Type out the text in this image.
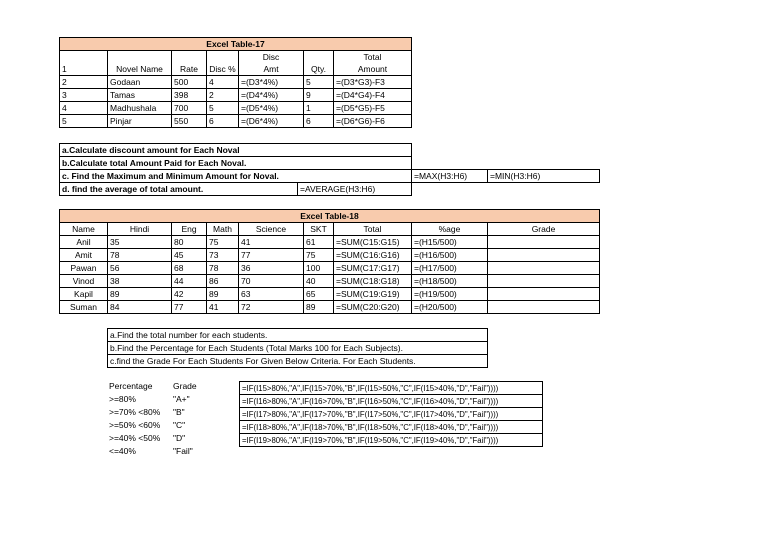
Excel Table-17						
1	Novel Name	Rate	Disc %	Disc
Amt	Qty.	Total
Amount
2	Godaan	500	4	=(D3*4%)	5	=(D3*G3)-F3
3	Tamas	398	2	=(D4*4%)	9	=(D4*G4)-F4
4	Madhushala	700	5	=(D5*4%)	1	=(D5*G5)-F5
5	Pinjar	550	6	=(D6*4%)	6	=(D6*G6)-F6
a.Calculate discount amount for Each Noval			
b.Calculate total Amount Paid for Each Noval.			
c. Find the Maximum and Minimum Amount for Noval.		=MAX(H3:H6)	=MIN(H3:H6)
d. find the average of total amount.	=AVERAGE(H3:H6)		
Excel Table-18								
Name	Hindi	Eng	Math	Science	SKT	Total	%age	Grade
Anil	35	80	75	41	61	=SUM(C15:G15)	=(H15/500)	
Amit	78	45	73	77	75	=SUM(C16:G16)	=(H16/500)	
Pawan	56	68	78	36	100	=SUM(C17:G17)	=(H17/500)	
Vinod	38	44	86	70	40	=SUM(C18:G18)	=(H18/500)	
Kapil	89	42	89	63	65	=SUM(C19:G19)	=(H19/500)	
Suman	84	77	41	72	89	=SUM(C20:G20)	=(H20/500)	
a.Find the total number for each students.
b.Find the Percentage for Each Students (Total Marks 100 for Each Subjects).
c.find the Grade For Each Students For Given Below Criteria. For Each Students.
Percentage Grade
>=80%	"A+"
>=70% <80% "B"
>=50% <60% "C"
>=40% <50% "D"
<=40%	"Fail"
=IF(I15>80%,"A",IF(I15>70%,"B",IF(I15>50%,"C",IF(I15>40%,"D","Fail"))))
=IF(I16>80%,"A",IF(I16>70%,"B",IF(I16>50%,"C",IF(I16>40%,"D","Fail"))))
=IF(I17>80%,"A",IF(I17>70%,"B",IF(I17>50%,"C",IF(I17>40%,"D","Fail"))))
=IF(I18>80%,"A",IF(I18>70%,"B",IF(I18>50%,"C",IF(I18>40%,"D","Fail"))))
=IF(I19>80%,"A",IF(I19>70%,"B",IF(I19>50%,"C",IF(I19>40%,"D","Fail"))))
